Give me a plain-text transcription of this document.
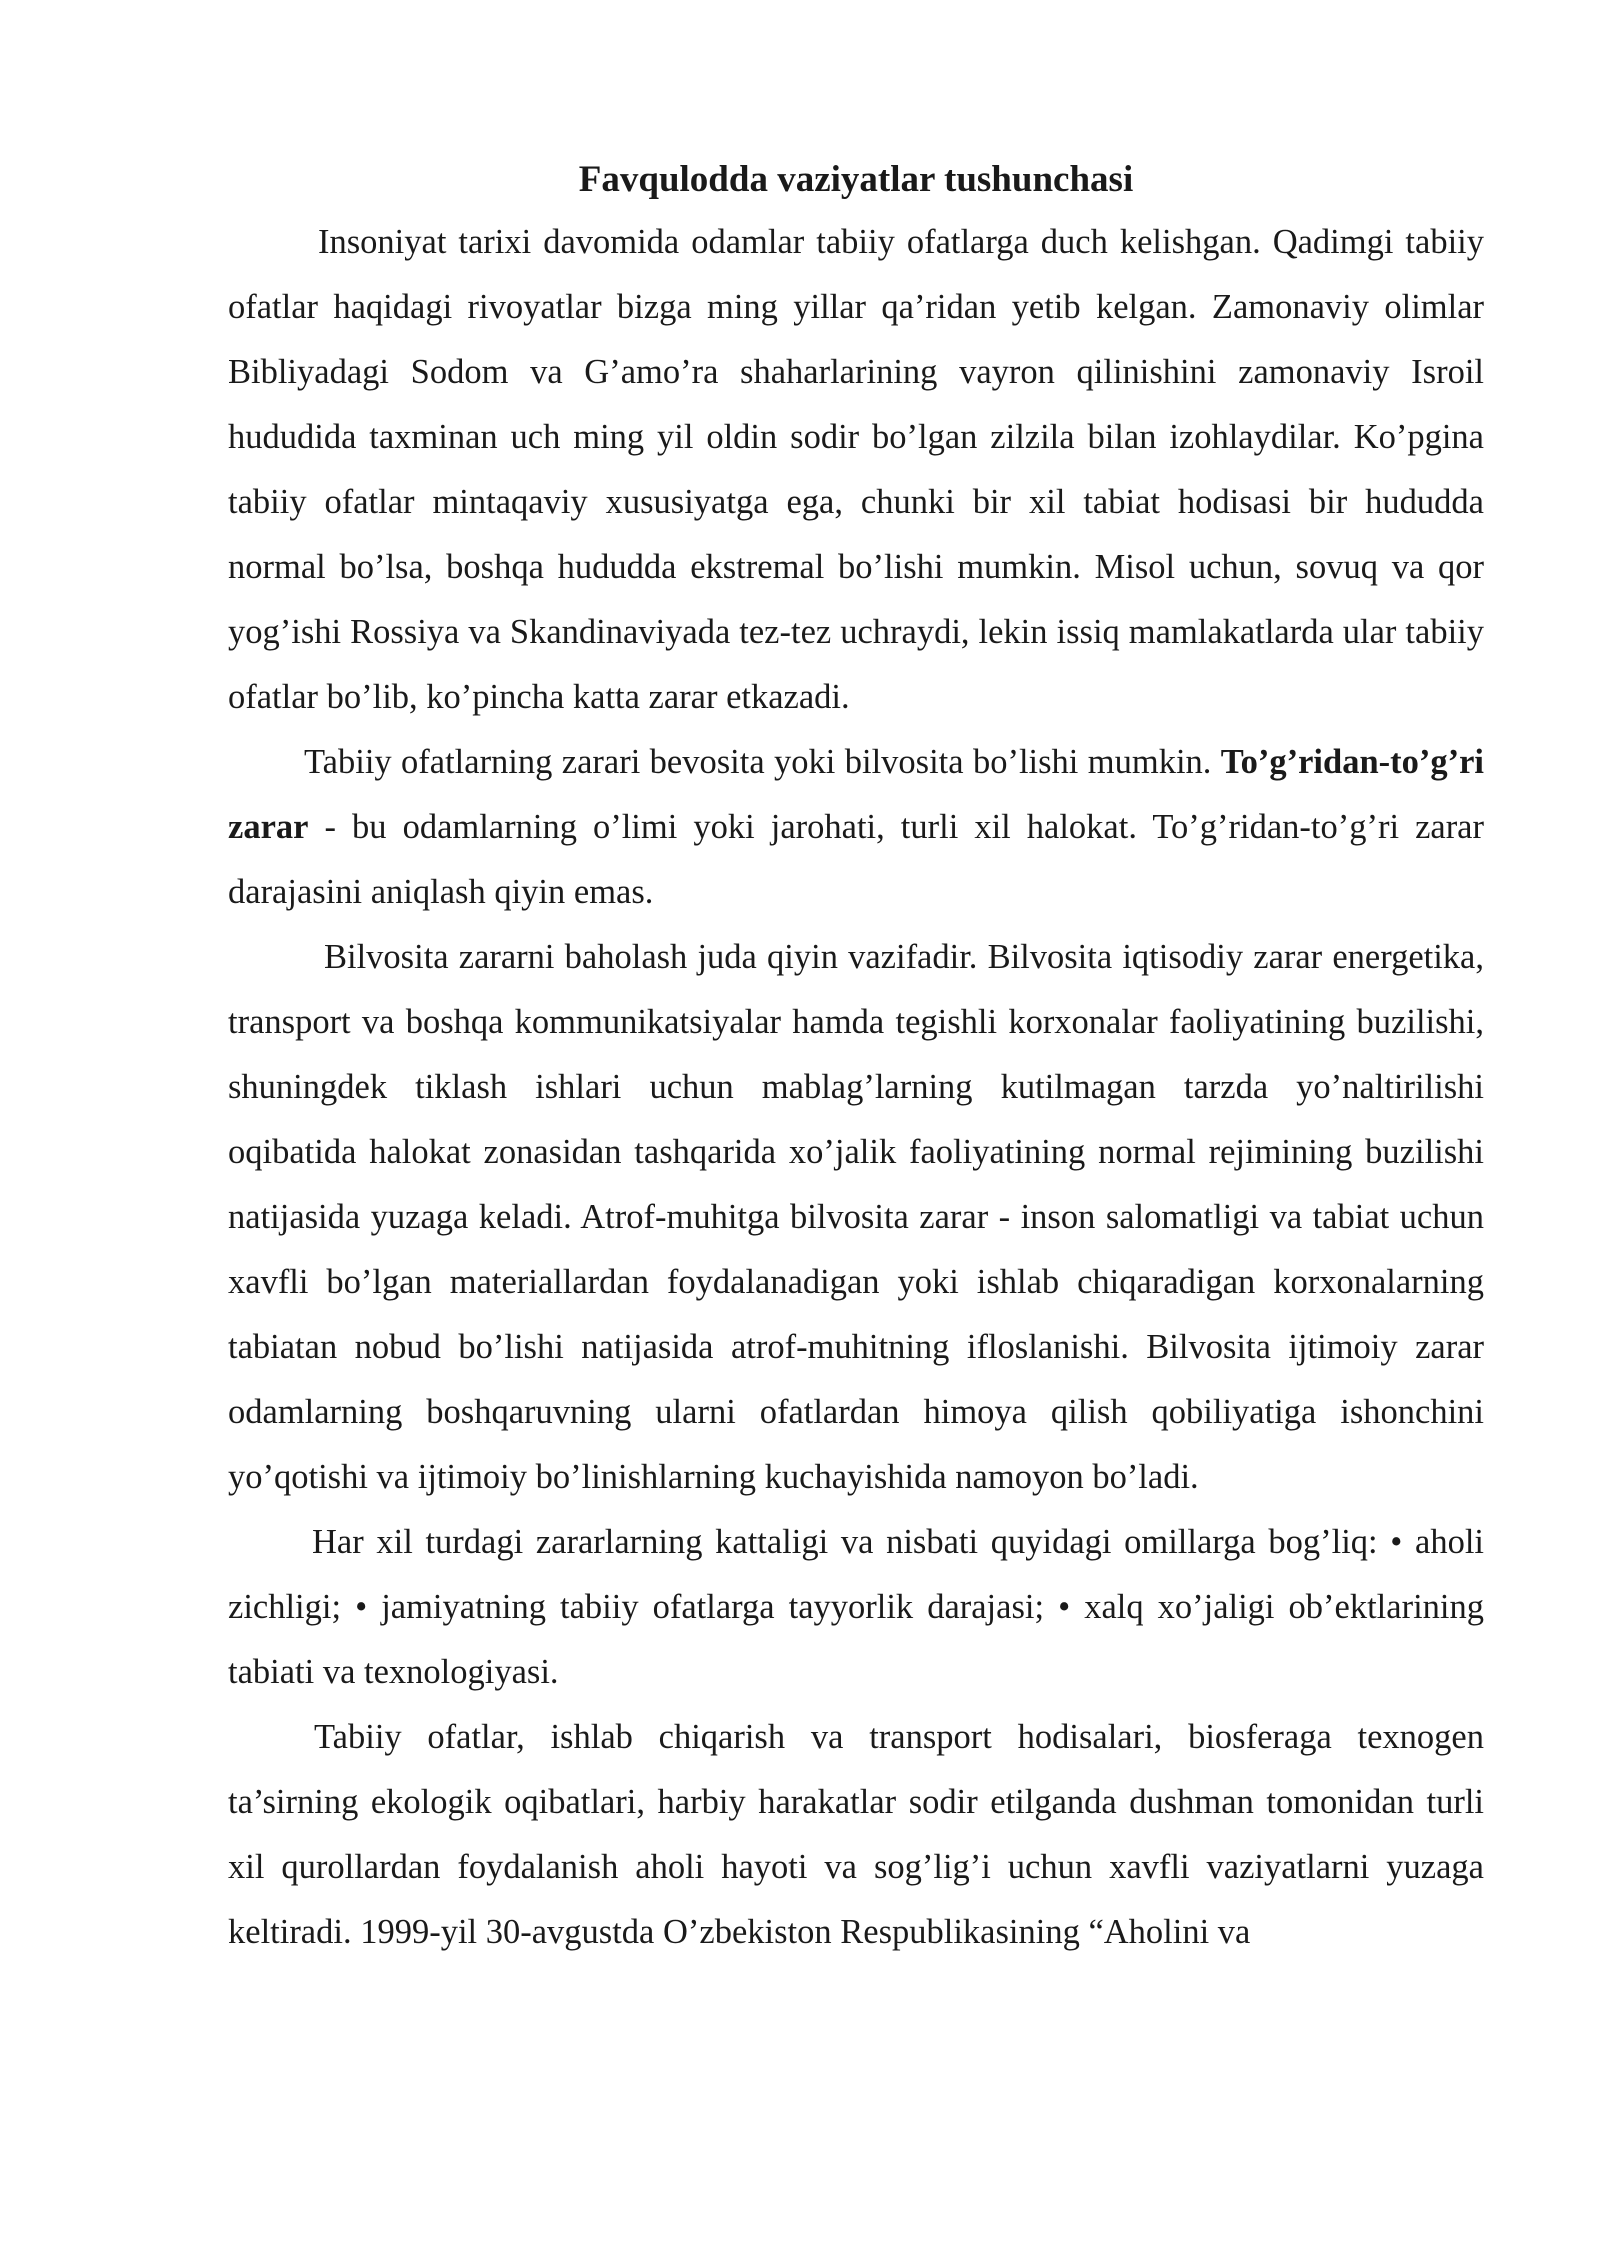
Favqulodda vaziyatlar tushunchasi

Insoniyat tarixi davomida odamlar tabiiy ofatlarga duch kelishgan. Qadimgi tabiiy ofatlar haqidagi rivoyatlar bizga ming yillar qa’ridan yetib kelgan. Zamonaviy olimlar Bibliyadagi Sodom va G’amo’ra shaharlarining vayron qilinishini zamonaviy Isroil hududida taxminan uch ming yil oldin sodir bo’lgan zilzila bilan izohlaydilar. Ko’pgina tabiiy ofatlar mintaqaviy xususiyatga ega, chunki bir xil tabiat hodisasi bir hududda normal bo’lsa, boshqa hududda ekstremal bo’lishi mumkin. Misol uchun, sovuq va qor yog’ishi Rossiya va Skandinaviyada tez-tez uchraydi, lekin issiq mamlakatlarda ular tabiiy ofatlar bo’lib, ko’pincha katta zarar etkazadi.

Tabiiy ofatlarning zarari bevosita yoki bilvosita bo’lishi mumkin. To’g’ridan-to’g’ri zarar - bu odamlarning o’limi yoki jarohati, turli xil halokat. To’g’ridan-to’g’ri zarar darajasini aniqlash qiyin emas.

Bilvosita zararni baholash juda qiyin vazifadir. Bilvosita iqtisodiy zarar energetika, transport va boshqa kommunikatsiyalar hamda tegishli korxonalar faoliyatining buzilishi, shuningdek tiklash ishlari uchun mablag’larning kutilmagan tarzda yo’naltirilishi oqibatida halokat zonasidan tashqarida xo’jalik faoliyatining normal rejimining buzilishi natijasida yuzaga keladi. Atrof-muhitga bilvosita zarar - inson salomatligi va tabiat uchun xavfli bo’lgan materiallardan foydalanadigan yoki ishlab chiqaradigan korxonalarning tabiatan nobud bo’lishi natijasida atrof-muhitning ifloslanishi. Bilvosita ijtimoiy zarar odamlarning boshqaruvning ularni ofatlardan himoya qilish qobiliyatiga ishonchini yo’qotishi va ijtimoiy bo’linishlarning kuchayishida namoyon bo’ladi.

Har xil turdagi zararlarning kattaligi va nisbati quyidagi omillarga bog’liq: • aholi zichligi; • jamiyatning tabiiy ofatlarga tayyorlik darajasi; • xalq xo’jaligi ob’ektlarining tabiati va texnologiyasi.

Tabiiy ofatlar, ishlab chiqarish va transport hodisalari, biosferaga texnogen ta’sirning ekologik oqibatlari, harbiy harakatlar sodir etilganda dushman tomonidan turli xil qurollardan foydalanish aholi hayoti va sog’lig’i uchun xavfli vaziyatlarni yuzaga keltiradi. 1999-yil 30-avgustda O’zbekiston Respublikasining “Aholini va
